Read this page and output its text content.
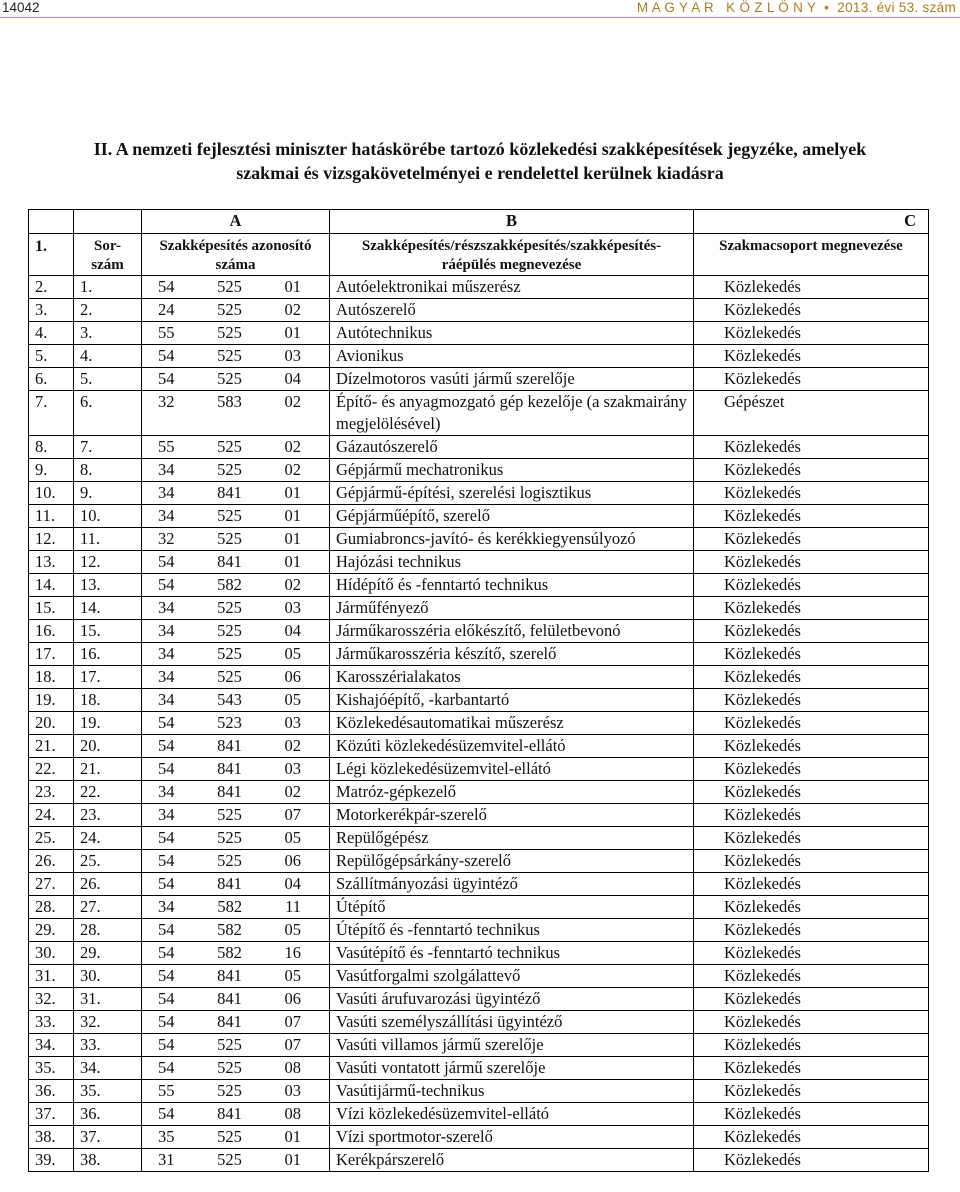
14042	M A G Y A R   K Ö Z L Ö N Y  •  2013. évi 53. szám
II. A nemzeti fejlesztési miniszter hatáskörébe tartozó közlekedési szakképesítések jegyzéke, amelyek
szakmai és vizsgakövetelményei e rendelettel kerülnek kiadásra
		A	B	C
1.	Sor-szám	Szakképesítés azonosító száma	Szakképesítés/részszakképesítés/szakképesítés-ráépülés megnevezése	Szakmacsoport megnevezése
2.	1.	54 525 01	Autóelektronikai műszerész	Közlekedés
3.	2.	24 525 02	Autószerelő	Közlekedés
4.	3.	55 525 01	Autótechnikus	Közlekedés
5.	4.	54 525 03	Avionikus	Közlekedés
6.	5.	54 525 04	Dízelmotoros vasúti jármű szerelője	Közlekedés
7.	6.	32 583 02	Építő- és anyagmozgató gép kezelője (a szakmairány megjelölésével)	Gépészet
8.	7.	55 525 02	Gázautószerelő	Közlekedés
9.	8.	34 525 02	Gépjármű mechatronikus	Közlekedés
10.	9.	34 841 01	Gépjármű-építési, szerelési logisztikus	Közlekedés
11.	10.	34 525 01	Gépjárműépítő, szerelő	Közlekedés
12.	11.	32 525 01	Gumiabroncs-javító- és kerékkiegyensúlyozó	Közlekedés
13.	12.	54 841 01	Hajózási technikus	Közlekedés
14.	13.	54 582 02	Hídépítő és -fenntartó technikus	Közlekedés
15.	14.	34 525 03	Járműfényező	Közlekedés
16.	15.	34 525 04	Járműkarosszéria előkészítő, felületbevonó	Közlekedés
17.	16.	34 525 05	Járműkarosszéria készítő, szerelő	Közlekedés
18.	17.	34 525 06	Karosszérialakatos	Közlekedés
19.	18.	34 543 05	Kishajóépítő, -karbantartó	Közlekedés
20.	19.	54 523 03	Közlekedésautomatikai műszerész	Közlekedés
21.	20.	54 841 02	Közúti közlekedésüzemvitel-ellátó	Közlekedés
22.	21.	54 841 03	Légi közlekedésüzemvitel-ellátó	Közlekedés
23.	22.	34 841 02	Matróz-gépkezelő	Közlekedés
24.	23.	34 525 07	Motorkerékpár-szerelő	Közlekedés
25.	24.	54 525 05	Repülőgépész	Közlekedés
26.	25.	54 525 06	Repülőgépsárkány-szerelő	Közlekedés
27.	26.	54 841 04	Szállítmányozási ügyintéző	Közlekedés
28.	27.	34 582 11	Útépítő	Közlekedés
29.	28.	54 582 05	Útépítő és -fenntartó technikus	Közlekedés
30.	29.	54 582 16	Vasútépítő és -fenntartó technikus	Közlekedés
31.	30.	54 841 05	Vasútforgalmi szolgálattevő	Közlekedés
32.	31.	54 841 06	Vasúti árufuvarozási ügyintéző	Közlekedés
33.	32.	54 841 07	Vasúti személyszállítási ügyintéző	Közlekedés
34.	33.	54 525 07	Vasúti villamos jármű szerelője	Közlekedés
35.	34.	54 525 08	Vasúti vontatott jármű szerelője	Közlekedés
36.	35.	55 525 03	Vasútijármű-technikus	Közlekedés
37.	36.	54 841 08	Vízi közlekedésüzemvitel-ellátó	Közlekedés
38.	37.	35 525 01	Vízi sportmotor-szerelő	Közlekedés
39.	38.	31 525 01	Kerékpárszerelő	Közlekedés
